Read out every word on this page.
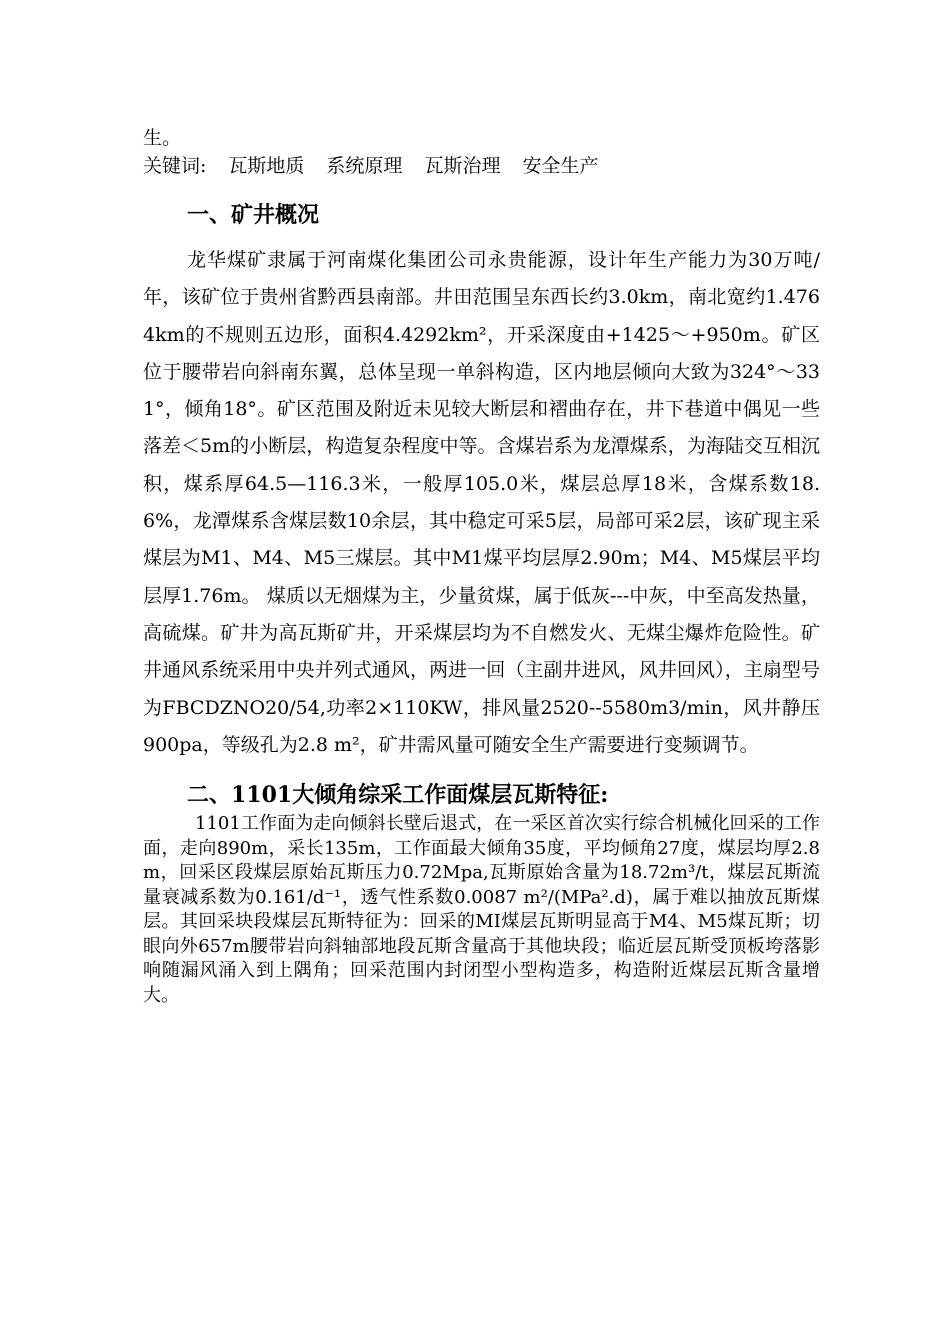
生。

关键词: 瓦斯地质 系统原理 瓦斯治理 安全生产

一、矿井概况

龙华煤矿隶属于河南煤化集团公司永贵能源，设计年生产能力为30万吨/年，该矿位于贵州省黔西县南部。井田范围呈东西长约3.0km，南北宽约1.4764km的不规则五边形，面积4.4292km²，开采深度由+1425～+950m。矿区位于腰带岩向斜南东翼，总体呈现一单斜构造，区内地层倾向大致为324°～331°，倾角18°。矿区范围及附近未见较大断层和褶曲存在，井下巷道中偶见一些落差＜5m的小断层，构造复杂程度中等。含煤岩系为龙潭煤系，为海陆交互相沉积，煤系厚64.5—116.3米，一般厚105.0米，煤层总厚18米，含煤系数18.6%，龙潭煤系含煤层数10余层，其中稳定可采5层，局部可采2层，该矿现主采煤层为M1、M4、M5三煤层。其中M1煤平均层厚2.90m；M4、M5煤层平均层厚1.76m。 煤质以无烟煤为主，少量贫煤，属于低灰---中灰，中至高发热量，高硫煤。矿井为高瓦斯矿井，开采煤层均为不自燃发火、无煤尘爆炸危险性。矿井通风系统采用中央并列式通风，两进一回（主副井进风，风井回风），主扇型号为FBCDZNO20/54,功率2×110KW，排风量2520--5580m3/min，风井静压900pa，等级孔为2.8 m²，矿井需风量可随安全生产需要进行变频调节。

二、1101大倾角综采工作面煤层瓦斯特征:

1101工作面为走向倾斜长壁后退式，在一采区首次实行综合机械化回采的工作面，走向890m，采长135m，工作面最大倾角35度，平均倾角27度，煤层均厚2.8m，回采区段煤层原始瓦斯压力0.72Mpa,瓦斯原始含量为18.72m³/t，煤层瓦斯流量衰减系数为0.161/d⁻¹，透气性系数0.0087 m²/(MPa².d)，属于难以抽放瓦斯煤层。其回采块段煤层瓦斯特征为：回采的MI煤层瓦斯明显高于M4、M5煤瓦斯；切眼向外657m腰带岩向斜轴部地段瓦斯含量高于其他块段；临近层瓦斯受顶板垮落影响随漏风涌入到上隅角；回采范围内封闭型小型构造多，构造附近煤层瓦斯含量增大。
